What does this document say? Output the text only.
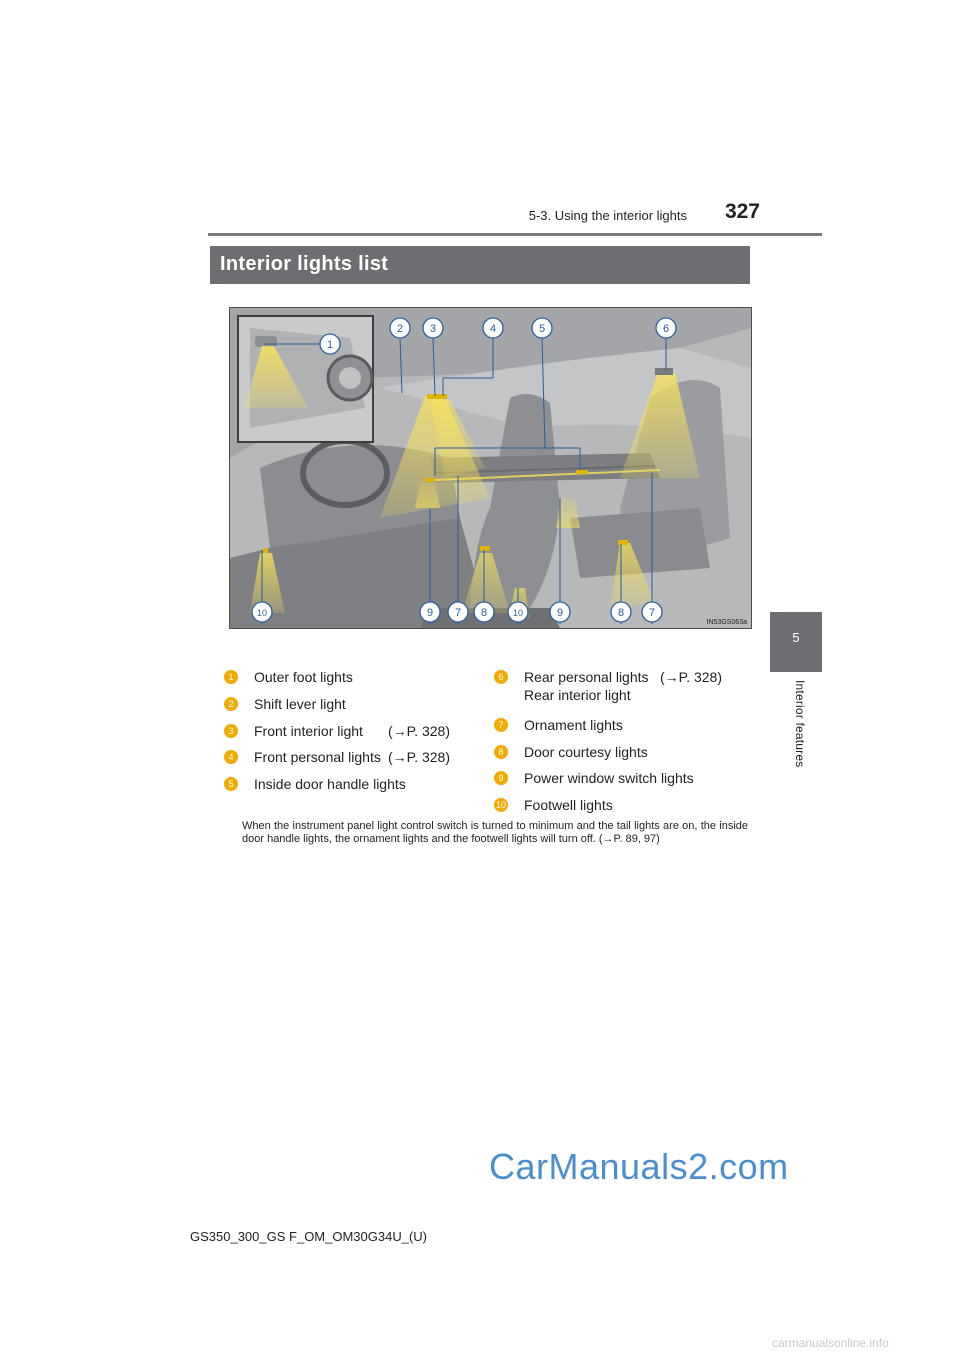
5-3. Using the interior lights	327
5
Interior features
Interior lights list
1
2 3	4	5	6
10	9 7 8	10	9	8 7
IN53GS063a
1	Outer foot lights
2	Shift lever light
3	Front interior light (→P. 328)
4	Front personal lights (→P. 328)
5	Inside door handle lights
6	Rear personal lights
Rear interior light
(→P. 328)
7	Ornament lights
8	Door courtesy lights
9	Power window switch lights
10 Footwell lights
When the instrument panel light control switch is turned to minimum and the tail lights are on, the inside door handle lights, the ornament lights and the footwell lights will turn off. (→P. 89, 97)
CarManuals2.com
GS350_300_GS F_OM_OM30G34U_(U)
carmanualsonline.info
